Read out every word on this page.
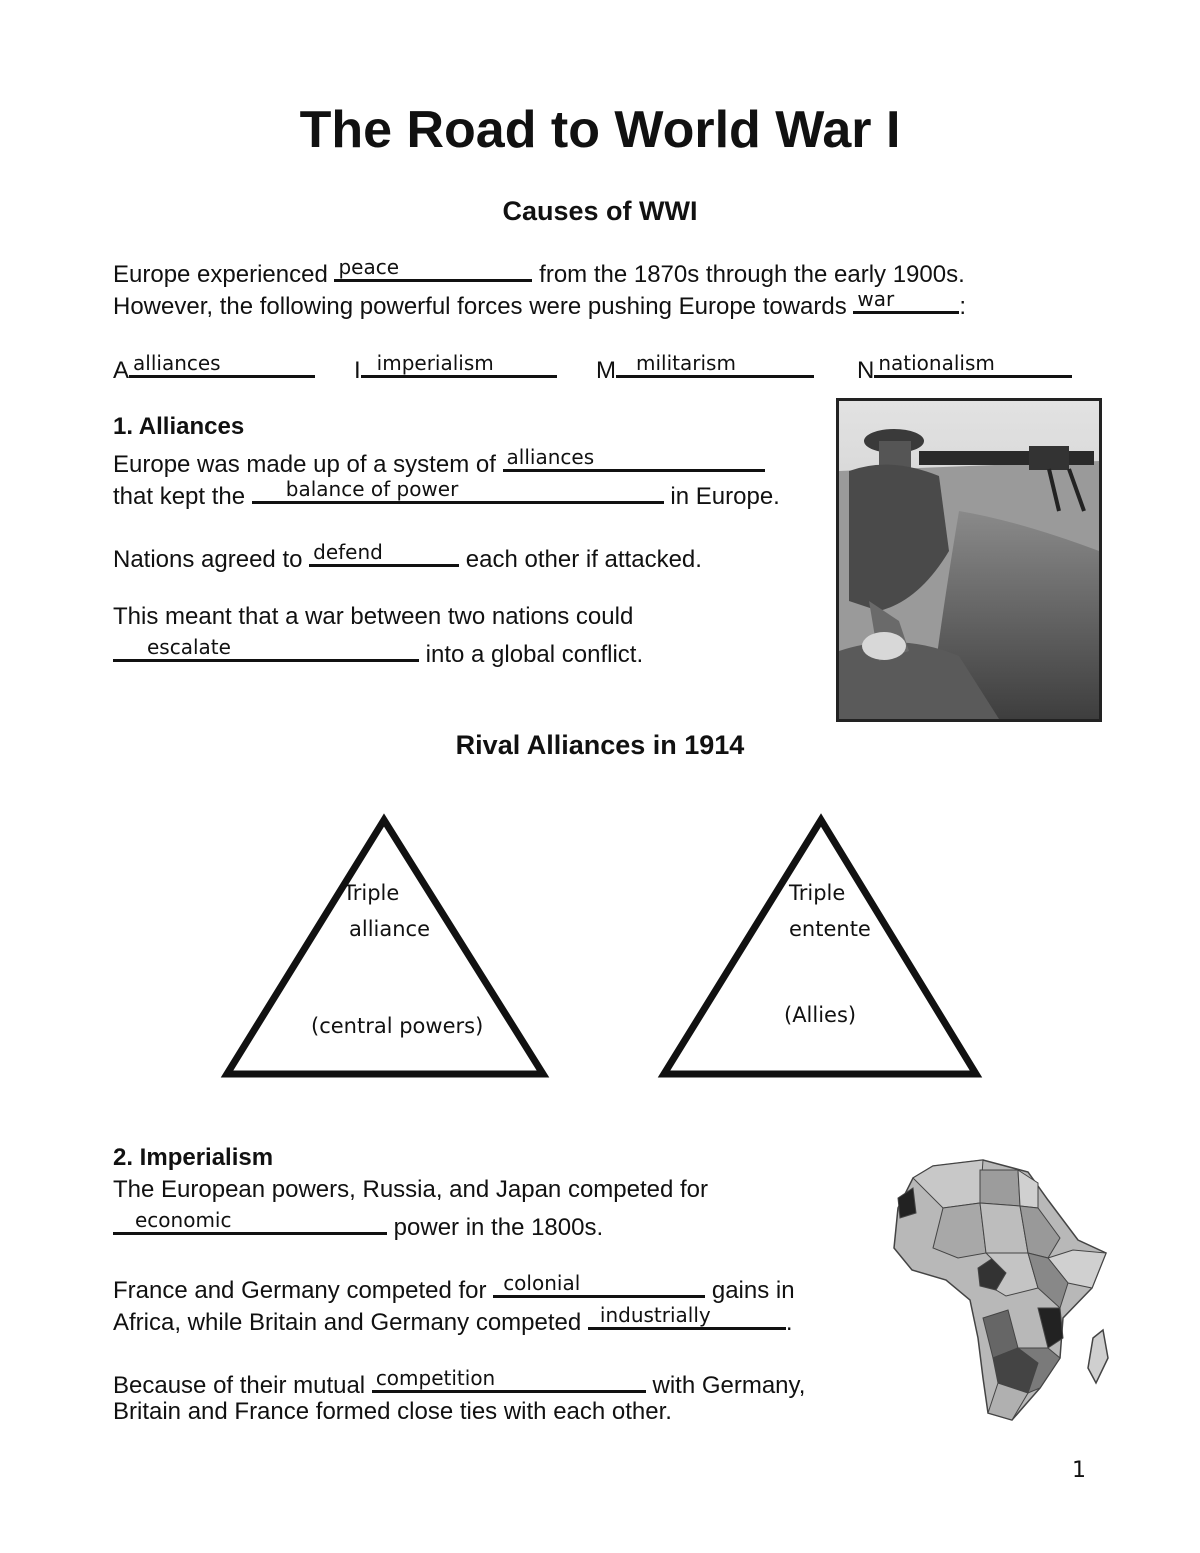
The Road to World War I
Causes of WWI
Europe experienced peace	from the 1870s through the early 1900s.
However, the following powerful forces were pushing Europe towards war	:
A alliances	I imperialism	M militarism	N nationalism
1. Alliances
Europe was made up of a system of alliances
that kept the balance of power	in Europe.
Nations agreed to defend	each other if attacked.
This meant that a war between two nations could
escalate	into a global conflict.
Rival Alliances in 1914
Triple
alliance
(central powers)
Triple
entente
(Allies)
2. Imperialism
The European powers, Russia, and Japan competed for
economic	power in the 1800s.
France and Germany competed for colonial	gains in
Africa, while Britain and Germany competed industrially	.
Because of their mutual competition	with Germany,
Britain and France formed close ties with each other.
1
